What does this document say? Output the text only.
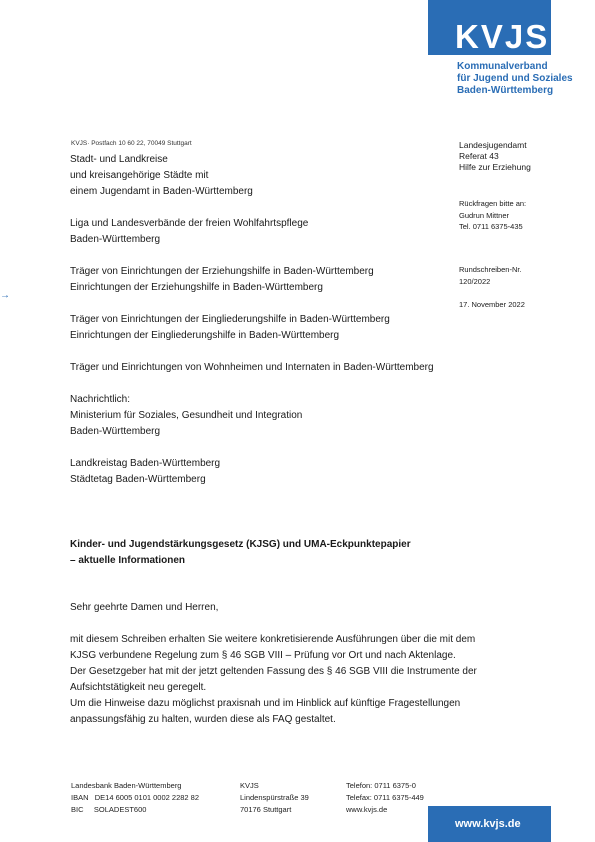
KVJS
Kommunalverband
für Jugend und Soziales
Baden-Württemberg
→
KVJS· Postfach 10 60 22, 70049 Stuttgart
Stadt- und Landkreise
und kreisangehörige Städte mit
einem Jugendamt in Baden-Württemberg
Liga und Landesverbände der freien Wohlfahrtspflege
Baden-Württemberg
Träger von Einrichtungen der Erziehungshilfe in Baden-Württemberg
Einrichtungen der Erziehungshilfe in Baden-Württemberg
Träger von Einrichtungen der Eingliederungshilfe in Baden-Württemberg
Einrichtungen der Eingliederungshilfe in Baden-Württemberg
Träger und Einrichtungen von Wohnheimen und Internaten in Baden-Württemberg
Nachrichtlich:
Ministerium für Soziales, Gesundheit und Integration
Baden-Württemberg
Landkreistag Baden-Württemberg
Städtetag Baden-Württemberg
Landesjugendamt
Referat 43
Hilfe zur Erziehung
Rückfragen bitte an:
Gudrun Mittner
Tel. 0711 6375-435
Rundschreiben-Nr.
120/2022
17. November 2022
Kinder- und Jugendstärkungsgesetz (KJSG) und UMA-Eckpunktepapier
– aktuelle Informationen
Sehr geehrte Damen und Herren,
mit diesem Schreiben erhalten Sie weitere konkretisierende Ausführungen über die mit dem
KJSG verbundene Regelung zum § 46 SGB VIII – Prüfung vor Ort und nach Aktenlage.
Der Gesetzgeber hat mit der jetzt geltenden Fassung des § 46 SGB VIII die Instrumente der
Aufsichtstätigkeit neu geregelt.
Um die Hinweise dazu möglichst praxisnah und im Hinblick auf künftige Fragestellungen
anpassungsfähig zu halten, wurden diese als FAQ gestaltet.
Landesbank Baden-Württemberg
IBAN   DE14 6005 0101 0002 2282 82
BIC     SOLADEST600
KVJS
Lindenspürstraße 39
70176 Stuttgart
Telefon: 0711 6375-0
Telefax: 0711 6375-449
www.kvjs.de
www.kvjs.de
